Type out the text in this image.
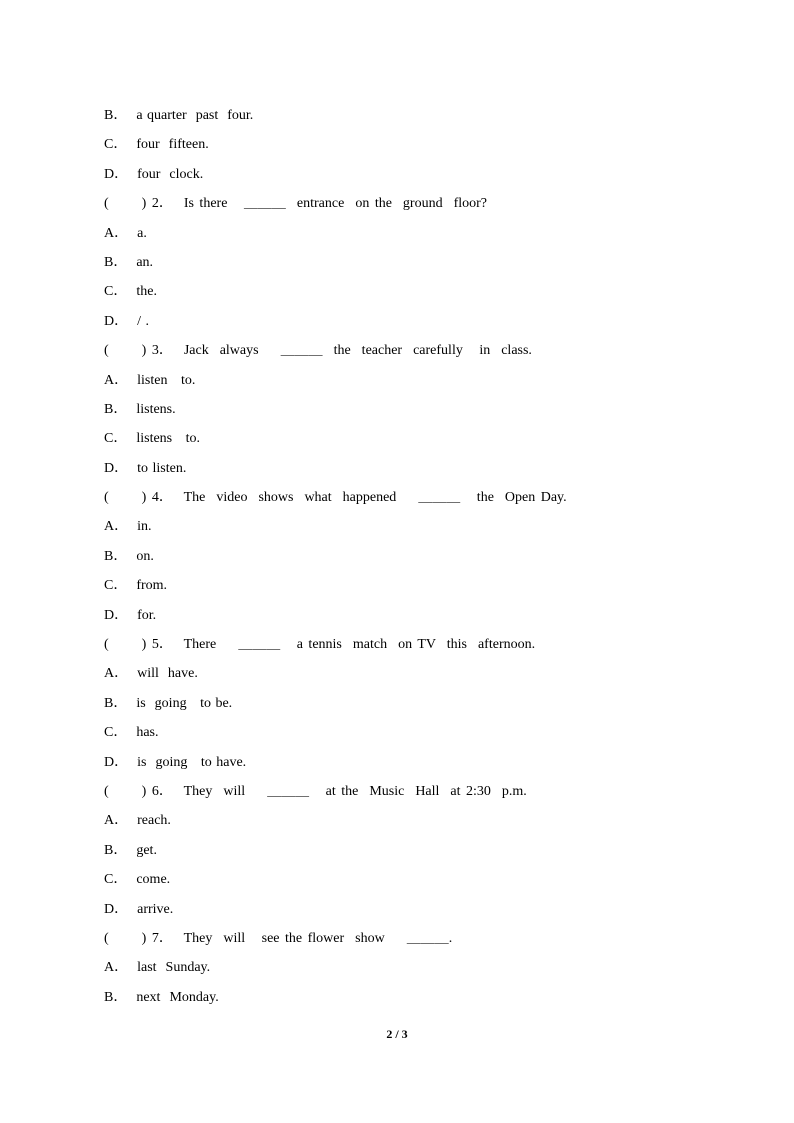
B．  a quarter  past  four.
C．  four  fifteen.
D．  four  clock.
(      ) 2．  Is there   ＿＿＿  entrance  on the  ground  floor?
A．  a.
B．  an.
C．  the.
D．  / .
(      ) 3．  Jack  always    ＿＿＿  the  teacher  carefully   in  class.
A．  listen   to.
B．  listens.
C．  listens   to.
D．  to listen.
(      ) 4．  The  video  shows  what  happened    ＿＿＿   the  Open Day.
A．  in.
B．  on.
C．  from.
D．  for.
(      ) 5．  There    ＿＿＿   a tennis  match  on TV  this  afternoon.
A．  will  have.
B．  is  going   to be.
C．  has.
D．  is  going   to have.
(      ) 6．  They  will    ＿＿＿   at the  Music  Hall  at 2:30  p.m.
A．  reach.
B．  get.
C．  come.
D．  arrive.
(      ) 7．  They  will   see the flower  show    ＿＿＿.
A．  last  Sunday.
B．  next  Monday.
2 / 3
